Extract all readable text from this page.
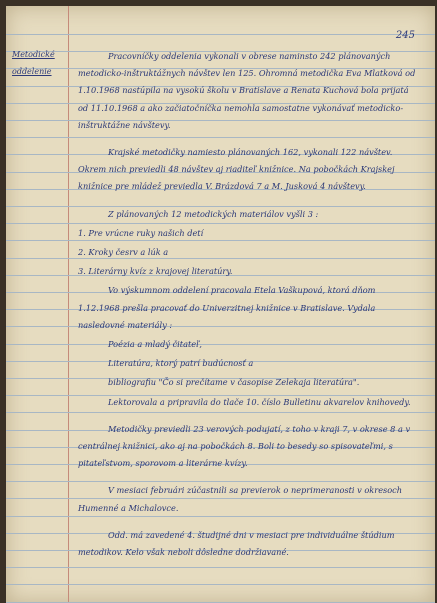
245
Metodické
oddelenie

Pracovníčky oddelenia vykonali v obrese naminsto 242 plánovaných metodicko-inštruktážnych návštev len 125. Ohromná metodička Eva Mlatková od 1.10.1968 nastúpila na vysokú školu v Bratislave a Renata Kuchová bola prijatá od 11.10.1968 a ako začiatočníčka nemohla samostatne vykonávať metodicko-inštruktážne návštevy.

Krajské metodičky namiesto plánovaných 162, vykonali 122 návštev. Okrem nich previedli 48 návštev aj riaditeľ knižnice. Na pobočkách Krajskej knižnice pre mládež previedla V. Brázdová 7 a M. Jusková 4 návštevy.

Z plánovaných 12 metodických materiálov vyšli 3 :

1. Pre vrúcne ruky našich detí

2. Kroky česrv a lúk a

3. Literárny kvíz z krajovej literatúry.

Vo výskumnom oddelení pracovala Etela Vaškupová, ktorá dňom 1.12.1968 prešla pracovať do Univerzitnej knižnice v Bratislave. Vydala nasledovné materiály :

Poézia a mladý čitateľ,

Literatúra, ktorý patrí budúcnosť a

bibliografiu "Čo si prečítame v časopise Zelekaja literatúra".

Lektorovala a pripravila do tlače 10. číslo Bulletinu akvarelov knihovedy.

Metodičky previedli 23 verových podujatí, z toho v kraji 7, v okrese 8 a v centrálnej knižnici, ako aj na pobočkách 8. Boli to besedy so spisovateľmi, s pitateľstvom, sporovom a literárne kvízy.

V mesiaci februári zúčastnili sa previerok o neprimeranosti v okresoch Humenné a Michalovce.

Odd. má zavedené 4. študijné dni v mesiaci pre individuálne štúdium metodikov. Kelo však neboli dôsledne dodržiavané.
